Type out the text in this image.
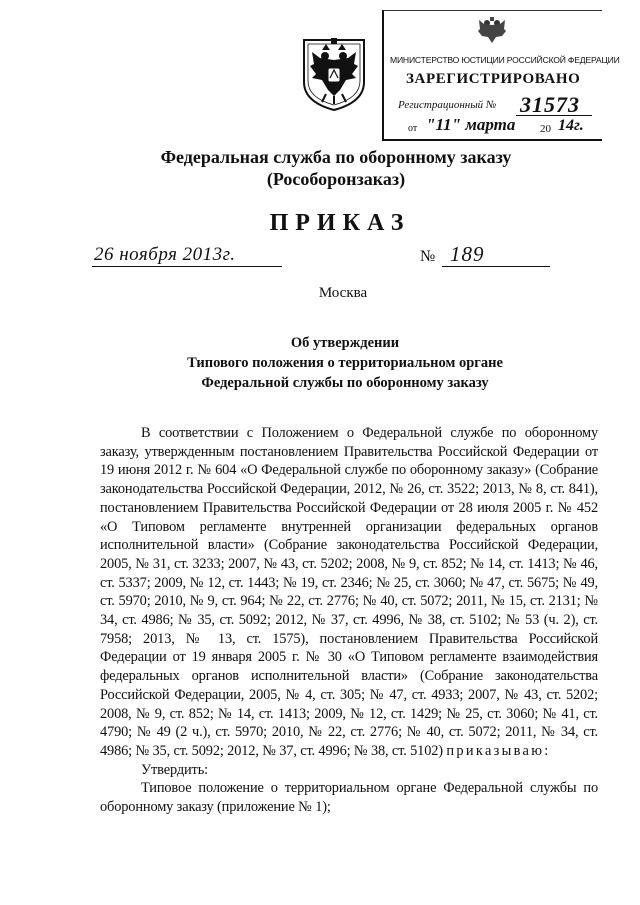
МИНИСТЕРСТВО ЮСТИЦИИ РОССИЙСКОЙ ФЕДЕРАЦИИ
ЗАРЕГИСТРИРОВАНО
Регистрационный № 31573
от "11" марта 20 14г.
Федеральная служба по оборонному заказу
(Рособоронзаказ)
ПРИКАЗ
26 ноября 2013г.	№ 189
Москва
Об утверждении
Типового положения о территориальном органе
Федеральной службы по оборонному заказу

В соответствии с Положением о Федеральной службе по оборонному заказу, утвержденным постановлением Правительства Российской Федерации от 19 июня 2012 г. № 604 «О Федеральной службе по оборонному заказу» (Собрание законодательства Российской Федерации, 2012, № 26, ст. 3522; 2013, № 8, ст. 841), постановлением Правительства Российской Федерации от 28 июля 2005 г. № 452 «О Типовом регламенте внутренней организации федеральных органов исполнительной власти» (Собрание законодательства Российской Федерации, 2005, № 31, ст. 3233; 2007, № 43, ст. 5202; 2008, № 9, ст. 852; № 14, ст. 1413; № 46, ст. 5337; 2009, № 12, ст. 1443; № 19, ст. 2346; № 25, ст. 3060; № 47, ст. 5675; № 49, ст. 5970; 2010, № 9, ст. 964; № 22, ст. 2776; № 40, ст. 5072; 2011, № 15, ст. 2131; № 34, ст. 4986; № 35, ст. 5092; 2012, № 37, ст. 4996, № 38, ст. 5102; № 53 (ч. 2), ст. 7958; 2013, № 13, ст. 1575), постановлением Правительства Российской Федерации от 19 января 2005 г. № 30 «О Типовом регламенте взаимодействия федеральных органов исполнительной власти» (Собрание законодательства Российской Федерации, 2005, № 4, ст. 305; № 47, ст. 4933; 2007, № 43, ст. 5202; 2008, № 9, ст. 852; № 14, ст. 1413; 2009, № 12, ст. 1429; № 25, ст. 3060; № 41, ст. 4790; № 49 (2 ч.), ст. 5970; 2010, № 22, ст. 2776; № 40, ст. 5072; 2011, № 34, ст. 4986; № 35, ст. 5092; 2012, № 37, ст. 4996; № 38, ст. 5102) приказываю:

Утвердить:

Типовое положение о территориальном органе Федеральной службы по оборонному заказу (приложение № 1);
